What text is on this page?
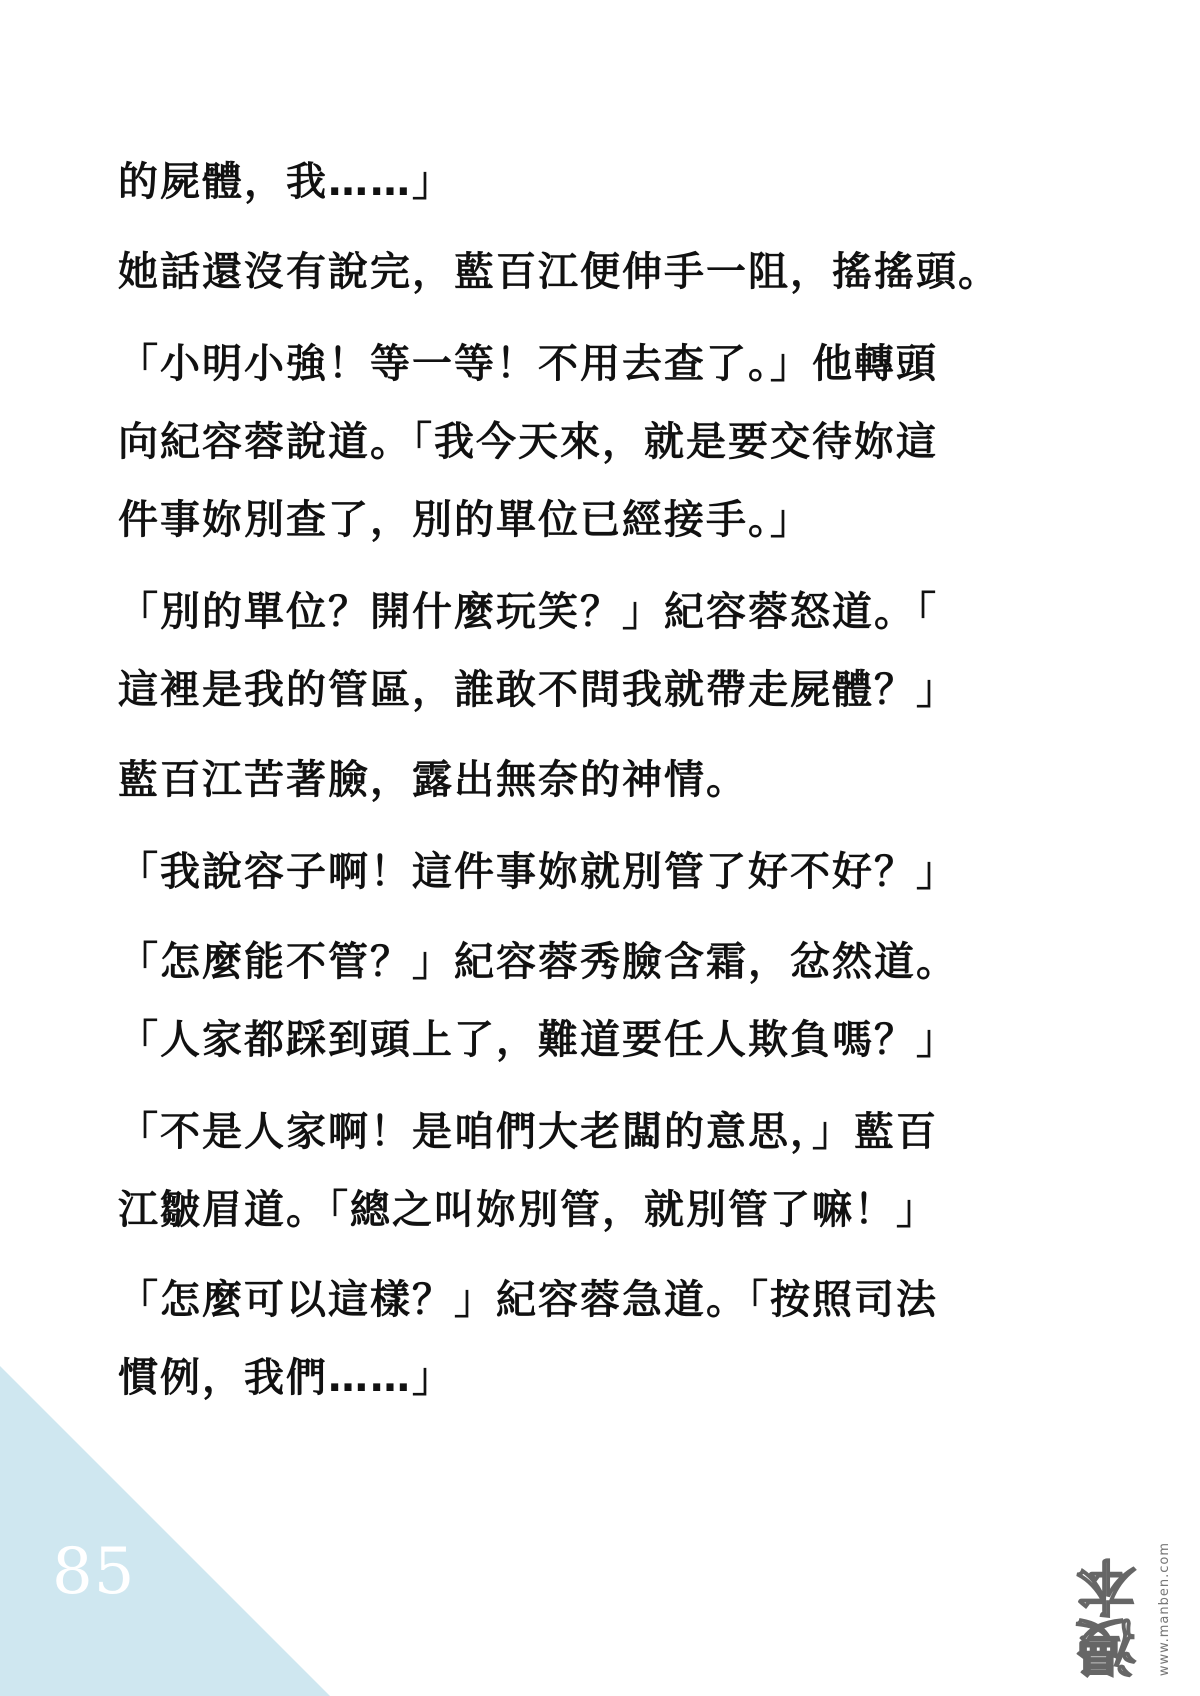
85
的屍體，我……」
她話還沒有說完，藍百江便伸手一阻，搖搖頭。
「小明小強！等一等！不用去查了。」他轉頭
向紀容蓉說道。「我今天來，就是要交待妳這
件事妳別查了，別的單位已經接手。」
「別的單位？開什麼玩笑？」紀容蓉怒道。「
這裡是我的管區，誰敢不問我就帶走屍體？」
藍百江苦著臉，露出無奈的神情。
「我說容子啊！這件事妳就別管了好不好？」
「怎麼能不管？」紀容蓉秀臉含霜，忿然道。
「人家都踩到頭上了，難道要任人欺負嗎？」
「不是人家啊！是咱們大老闆的意思，」藍百
江皺眉道。「總之叫妳別管，就別管了嘛！」
「怎麼可以這樣？」紀容蓉急道。「按照司法
慣例，我們……」
漫本 www.manben.com
